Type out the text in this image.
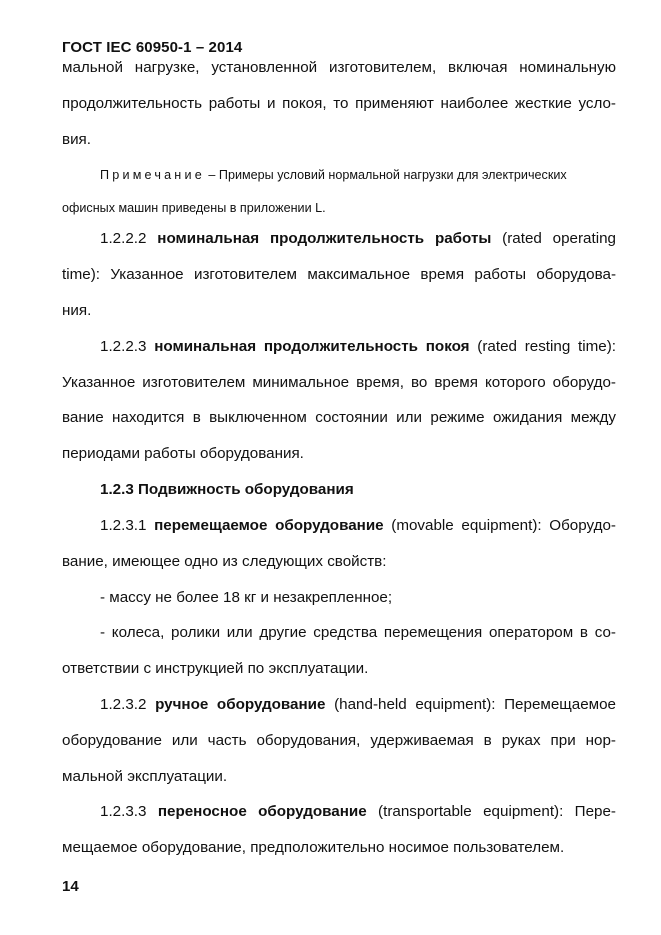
ГОСТ IEC 60950-1 – 2014
мальной нагрузке, установленной изготовителем, включая номинальную
продолжительность работы и покоя, то применяют наиболее жесткие усло-
вия.
Примечание – Примеры условий нормальной нагрузки для электрических
офисных машин приведены в приложении L.
1.2.2.2 номинальная продолжительность работы (rated operating
time): Указанное изготовителем максимальное время работы оборудова-
ния.
1.2.2.3 номинальная продолжительность покоя (rated resting time):
Указанное изготовителем минимальное время, во время которого оборудо-
вание находится в выключенном состоянии или режиме ожидания между
периодами работы оборудования.
1.2.3 Подвижность оборудования
1.2.3.1 перемещаемое оборудование (movable equipment): Оборудо-
вание, имеющее одно из следующих свойств:
- массу не более 18 кг и незакрепленное;
- колеса, ролики или другие средства перемещения оператором в со-
ответствии с инструкцией по эксплуатации.
1.2.3.2 ручное оборудование (hand-held equipment): Перемещаемое
оборудование или часть оборудования, удерживаемая в руках при нор-
мальной эксплуатации.
1.2.3.3 переносное оборудование (transportable equipment): Пере-
мещаемое оборудование, предположительно носимое пользователем.
14
